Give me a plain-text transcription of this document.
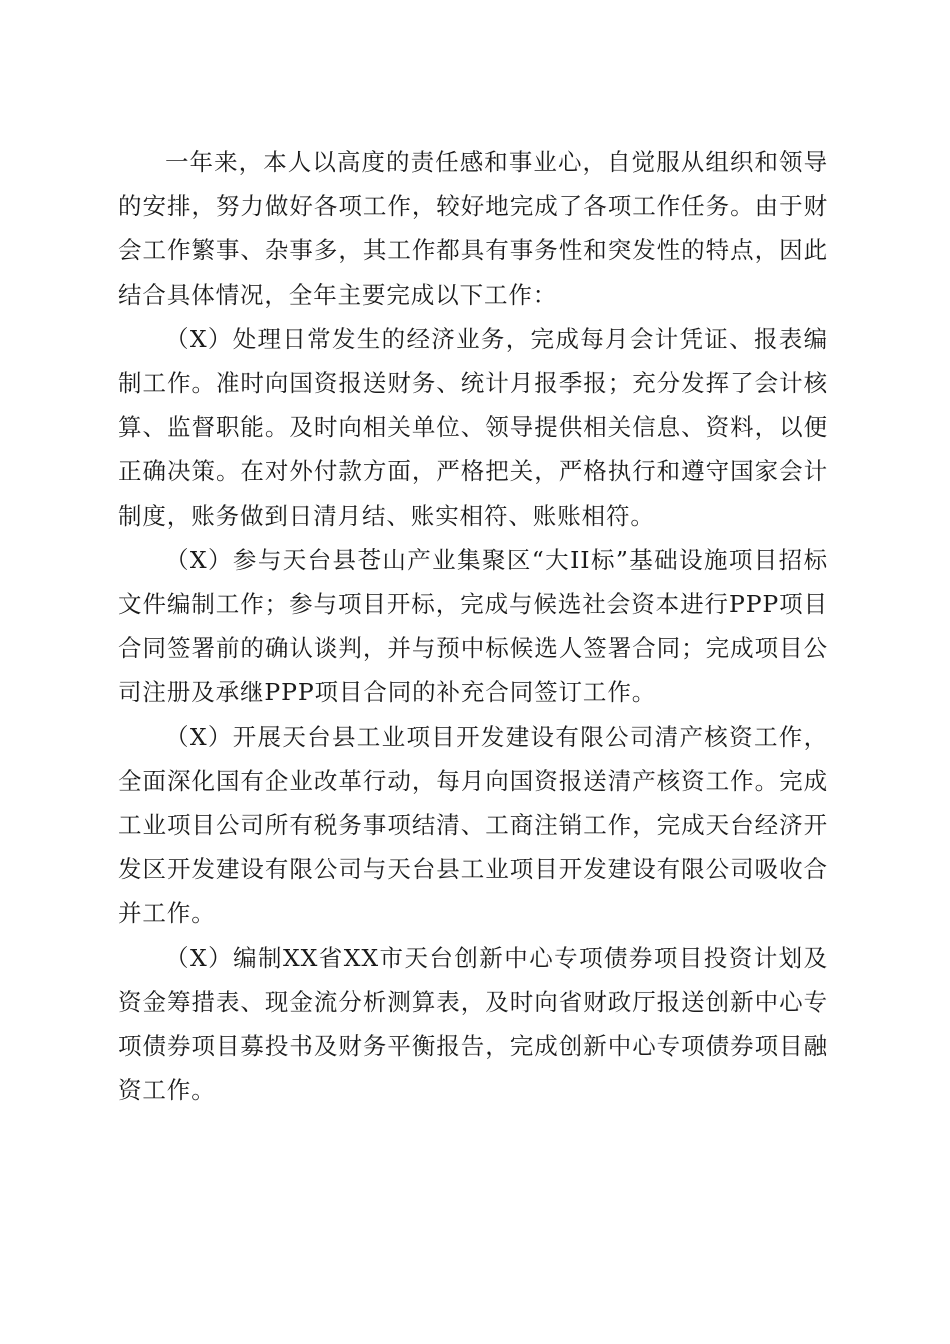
一年来，本人以高度的责任感和事业心，自觉服从组织和领导的安排，努力做好各项工作，较好地完成了各项工作任务。由于财会工作繁事、杂事多，其工作都具有事务性和突发性的特点，因此结合具体情况，全年主要完成以下工作：

（X）处理日常发生的经济业务，完成每月会计凭证、报表编制工作。准时向国资报送财务、统计月报季报；充分发挥了会计核算、监督职能。及时向相关单位、领导提供相关信息、资料，以便正确决策。在对外付款方面，严格把关，严格执行和遵守国家会计制度，账务做到日清月结、账实相符、账账相符。

（X）参与天台县苍山产业集聚区“大II标”基础设施项目招标文件编制工作；参与项目开标，完成与候选社会资本进行PPP项目合同签署前的确认谈判，并与预中标候选人签署合同；完成项目公司注册及承继PPP项目合同的补充合同签订工作。

（X）开展天台县工业项目开发建设有限公司清产核资工作，全面深化国有企业改革行动，每月向国资报送清产核资工作。完成工业项目公司所有税务事项结清、工商注销工作，完成天台经济开发区开发建设有限公司与天台县工业项目开发建设有限公司吸收合并工作。

（X）编制XX省XX市天台创新中心专项债券项目投资计划及资金筹措表、现金流分析测算表，及时向省财政厅报送创新中心专项债券项目募投书及财务平衡报告，完成创新中心专项债券项目融资工作。
